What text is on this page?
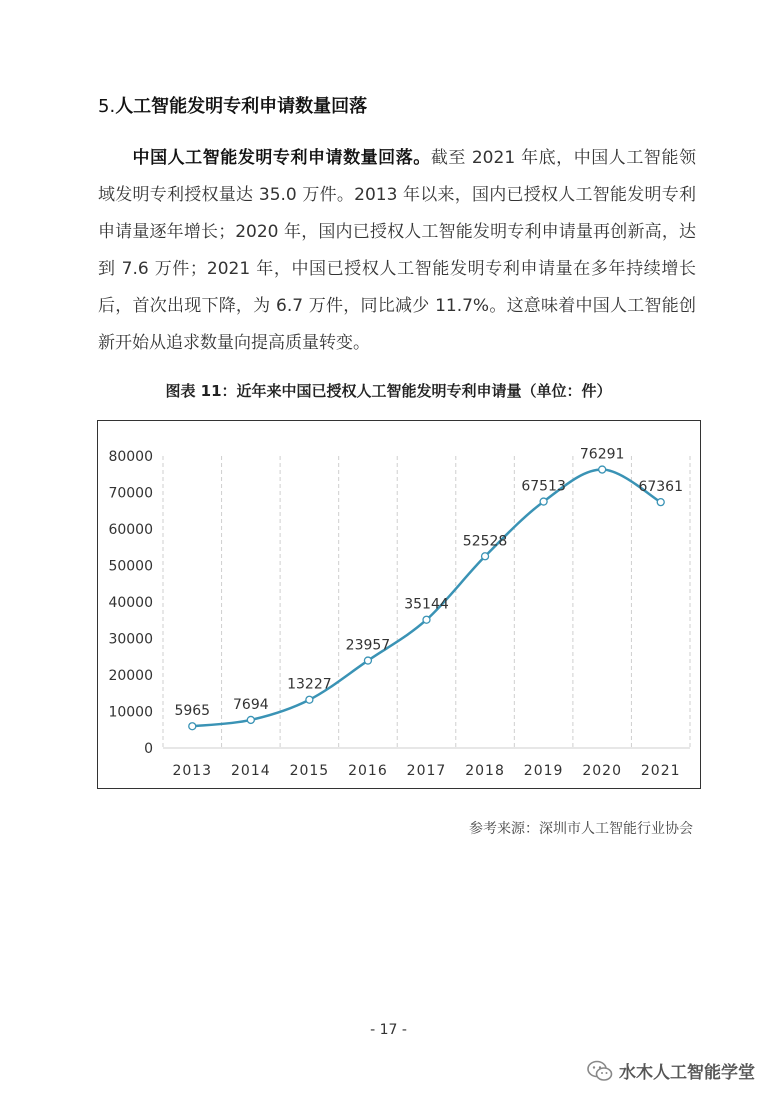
5.人工智能发明专利申请数量回落
中国人工智能发明专利申请数量回落。截至 2021 年底，中国人工智能领域发明专利授权量达 35.0 万件。2013 年以来，国内已授权人工智能发明专利申请量逐年增长；2020 年，国内已授权人工智能发明专利申请量再创新高，达到 7.6 万件；2021 年，中国已授权人工智能发明专利申请量在多年持续增长后，首次出现下降，为 6.7 万件，同比减少 11.7%。这意味着中国人工智能创新开始从追求数量向提高质量转变。
图表 11：近年来中国已授权人工智能发明专利申请量（单位：件）
0
10000
20000
30000
40000
50000
60000
70000
80000
2013 2014 2015 2016 2017 2018 2019 2020 2021
5965 7694
13227
23957
35144
52528
67513
76291
67361
参考来源：深圳市人工智能行业协会
- 17 -
水木人工智能学堂
